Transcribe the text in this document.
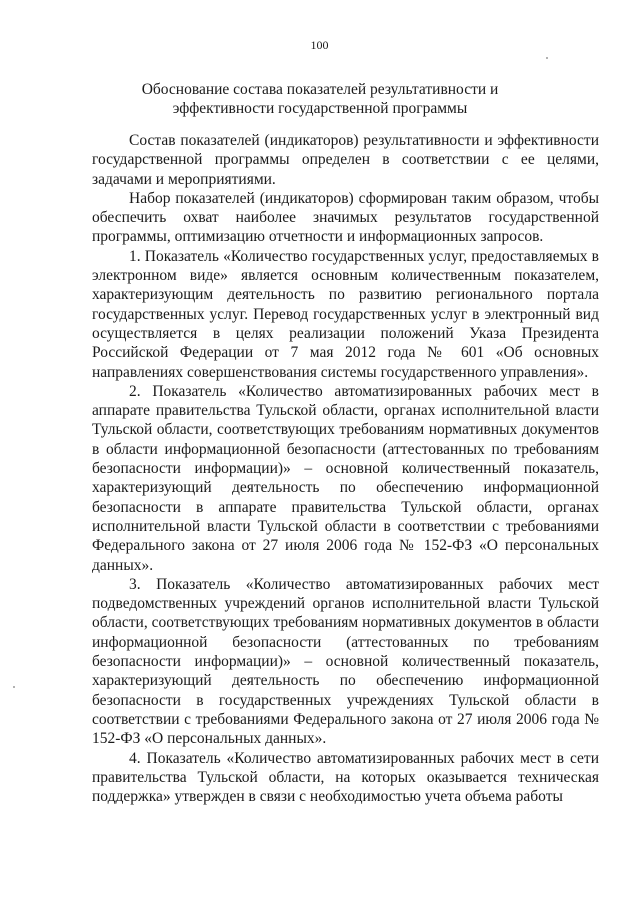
100
Обоснование состава показателей результативности и
эффективности государственной программы

Состав показателей (индикаторов) результативности и эффективности государственной программы определен в соответствии с ее целями, задачами и мероприятиями.

Набор показателей (индикаторов) сформирован таким образом, чтобы обеспечить охват наиболее значимых результатов государственной программы, оптимизацию отчетности и информационных запросов.

1. Показатель «Количество государственных услуг, предоставляемых в электронном виде» является основным количественным показателем, характеризующим деятельность по развитию регионального портала государственных услуг. Перевод государственных услуг в электронный вид осуществляется в целях реализации положений Указа Президента Российской Федерации от 7 мая 2012 года № 601 «Об основных направлениях совершенствования системы государственного управления».

2. Показатель «Количество автоматизированных рабочих мест в аппарате правительства Тульской области, органах исполнительной власти Тульской области, соответствующих требованиям нормативных документов в области информационной безопасности (аттестованных по требованиям безопасности информации)» – основной количественный показатель, характеризующий деятельность по обеспечению информационной безопасности в аппарате правительства Тульской области, органах исполнительной власти Тульской области в соответствии с требованиями Федерального закона от 27 июля 2006 года № 152-ФЗ «О персональных данных».

3. Показатель «Количество автоматизированных рабочих мест подведомственных учреждений органов исполнительной власти Тульской области, соответствующих требованиям нормативных документов в области информационной безопасности (аттестованных по требованиям безопасности информации)» – основной количественный показатель, характеризующий деятельность по обеспечению информационной безопасности в государственных учреждениях Тульской области в соответствии с требованиями Федерального закона от 27 июля 2006 года № 152-ФЗ «О персональных данных».

4. Показатель «Количество автоматизированных рабочих мест в сети правительства Тульской области, на которых оказывается техническая поддержка» утвержден в связи с необходимостью учета объема работы
